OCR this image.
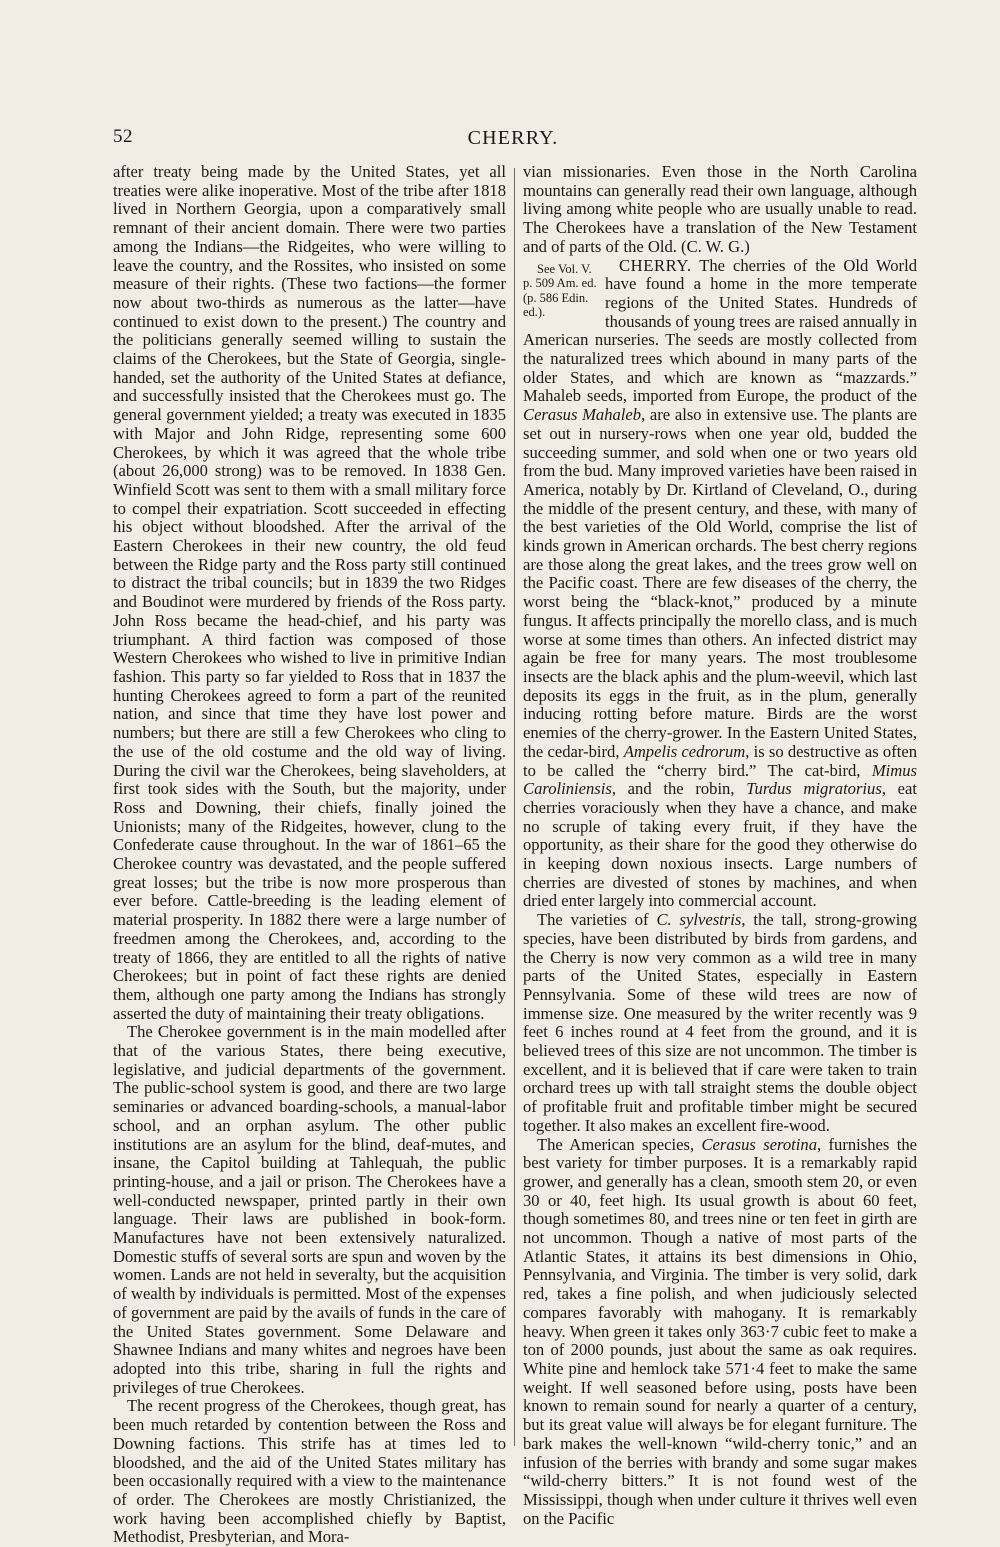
52	CHERRY.

after treaty being made by the United States, yet all treaties were alike inoperative. Most of the tribe after 1818 lived in Northern Georgia, upon a comparatively small remnant of their ancient domain. There were two parties among the Indians—the Ridgeites, who were willing to leave the country, and the Rossites, who insisted on some measure of their rights. (These two factions—the former now about two-thirds as numerous as the latter—have continued to exist down to the present.) The country and the politicians generally seemed willing to sustain the claims of the Cherokees, but the State of Georgia, single-handed, set the authority of the United States at defiance, and successfully insisted that the Cherokees must go. The general government yielded; a treaty was executed in 1835 with Major and John Ridge, representing some 600 Cherokees, by which it was agreed that the whole tribe (about 26,000 strong) was to be removed. In 1838 Gen. Winfield Scott was sent to them with a small military force to compel their expatriation. Scott succeeded in effecting his object without bloodshed. After the arrival of the Eastern Cherokees in their new country, the old feud between the Ridge party and the Ross party still continued to distract the tribal councils; but in 1839 the two Ridges and Boudinot were murdered by friends of the Ross party. John Ross became the head-chief, and his party was triumphant. A third faction was composed of those Western Cherokees who wished to live in primitive Indian fashion. This party so far yielded to Ross that in 1837 the hunting Cherokees agreed to form a part of the reunited nation, and since that time they have lost power and numbers; but there are still a few Cherokees who cling to the use of the old costume and the old way of living. During the civil war the Cherokees, being slaveholders, at first took sides with the South, but the majority, under Ross and Downing, their chiefs, finally joined the Unionists; many of the Ridgeites, however, clung to the Confederate cause throughout. In the war of 1861–65 the Cherokee country was devastated, and the people suffered great losses; but the tribe is now more prosperous than ever before. Cattle-breeding is the leading element of material prosperity. In 1882 there were a large number of freedmen among the Cherokees, and, according to the treaty of 1866, they are entitled to all the rights of native Cherokees; but in point of fact these rights are denied them, although one party among the Indians has strongly asserted the duty of maintaining their treaty obligations.

The Cherokee government is in the main modelled after that of the various States, there being executive, legislative, and judicial departments of the government. The public-school system is good, and there are two large seminaries or advanced boarding-schools, a manual-labor school, and an orphan asylum. The other public institutions are an asylum for the blind, deaf-mutes, and insane, the Capitol building at Tahlequah, the public printing-house, and a jail or prison. The Cherokees have a well-conducted newspaper, printed partly in their own language. Their laws are published in book-form. Manufactures have not been extensively naturalized. Domestic stuffs of several sorts are spun and woven by the women. Lands are not held in severalty, but the acquisition of wealth by individuals is permitted. Most of the expenses of government are paid by the avails of funds in the care of the United States government. Some Delaware and Shawnee Indians and many whites and negroes have been adopted into this tribe, sharing in full the rights and privileges of true Cherokees.

The recent progress of the Cherokees, though great, has been much retarded by contention between the Ross and Downing factions. This strife has at times led to bloodshed, and the aid of the United States military has been occasionally required with a view to the maintenance of order. The Cherokees are mostly Christianized, the work having been accomplished chiefly by Baptist, Methodist, Presbyterian, and Mora-

vian missionaries. Even those in the North Carolina mountains can generally read their own language, although living among white people who are usually unable to read. The Cherokees have a translation of the New Testament and of parts of the Old. (C. W. G.)

CHERRY.
See Vol. V. p. 509 Am. ed. (p. 586 Edin. ed.).
The cherries of the Old World have found a home in the more temperate regions of the United States. Hundreds of thousands of young trees are raised annually in American nurseries. The seeds are mostly collected from the naturalized trees which abound in many parts of the older States, and which are known as “mazzards.” Mahaleb seeds, imported from Europe, the product of the Cerasus Mahaleb, are also in extensive use. The plants are set out in nursery-rows when one year old, budded the succeeding summer, and sold when one or two years old from the bud. Many improved varieties have been raised in America, notably by Dr. Kirtland of Cleveland, O., during the middle of the present century, and these, with many of the best varieties of the Old World, comprise the list of kinds grown in American orchards. The best cherry regions are those along the great lakes, and the trees grow well on the Pacific coast. There are few diseases of the cherry, the worst being the “black-knot,” produced by a minute fungus. It affects principally the morello class, and is much worse at some times than others. An infected district may again be free for many years. The most troublesome insects are the black aphis and the plum-weevil, which last deposits its eggs in the fruit, as in the plum, generally inducing rotting before mature. Birds are the worst enemies of the cherry-grower. In the Eastern United States, the cedar-bird, Ampelis cedrorum, is so destructive as often to be called the “cherry bird.” The cat-bird, Mimus Caroliniensis, and the robin, Turdus migratorius, eat cherries voraciously when they have a chance, and make no scruple of taking every fruit, if they have the opportunity, as their share for the good they otherwise do in keeping down noxious insects. Large numbers of cherries are divested of stones by machines, and when dried enter largely into commercial account.

The varieties of C. sylvestris, the tall, strong-growing species, have been distributed by birds from gardens, and the Cherry is now very common as a wild tree in many parts of the United States, especially in Eastern Pennsylvania. Some of these wild trees are now of immense size. One measured by the writer recently was 9 feet 6 inches round at 4 feet from the ground, and it is believed trees of this size are not uncommon. The timber is excellent, and it is believed that if care were taken to train orchard trees up with tall straight stems the double object of profitable fruit and profitable timber might be secured together. It also makes an excellent fire-wood.

The American species, Cerasus serotina, furnishes the best variety for timber purposes. It is a remarkably rapid grower, and generally has a clean, smooth stem 20, or even 30 or 40, feet high. Its usual growth is about 60 feet, though sometimes 80, and trees nine or ten feet in girth are not uncommon. Though a native of most parts of the Atlantic States, it attains its best dimensions in Ohio, Pennsylvania, and Virginia. The timber is very solid, dark red, takes a fine polish, and when judiciously selected compares favorably with mahogany. It is remarkably heavy. When green it takes only 363·7 cubic feet to make a ton of 2000 pounds, just about the same as oak requires. White pine and hemlock take 571·4 feet to make the same weight. If well seasoned before using, posts have been known to remain sound for nearly a quarter of a century, but its great value will always be for elegant furniture. The bark makes the well-known “wild-cherry tonic,” and an infusion of the berries with brandy and some sugar makes “wild-cherry bitters.” It is not found west of the Mississippi, though when under culture it thrives well even on the Pacific
